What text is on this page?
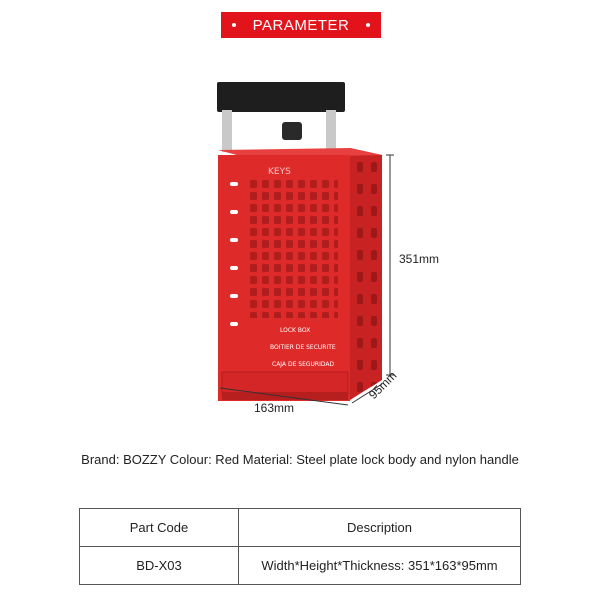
PARAMETER
KEYS
LOCK BOX
BOITIER DE SECURITE
CAJA DE SEGURIDAD
351mm
163mm
95mm
Brand: BOZZY Colour: Red Material: Steel plate lock body and nylon handle
Part Code	Description
BD-X03	Width*Height*Thickness: 351*163*95mm
